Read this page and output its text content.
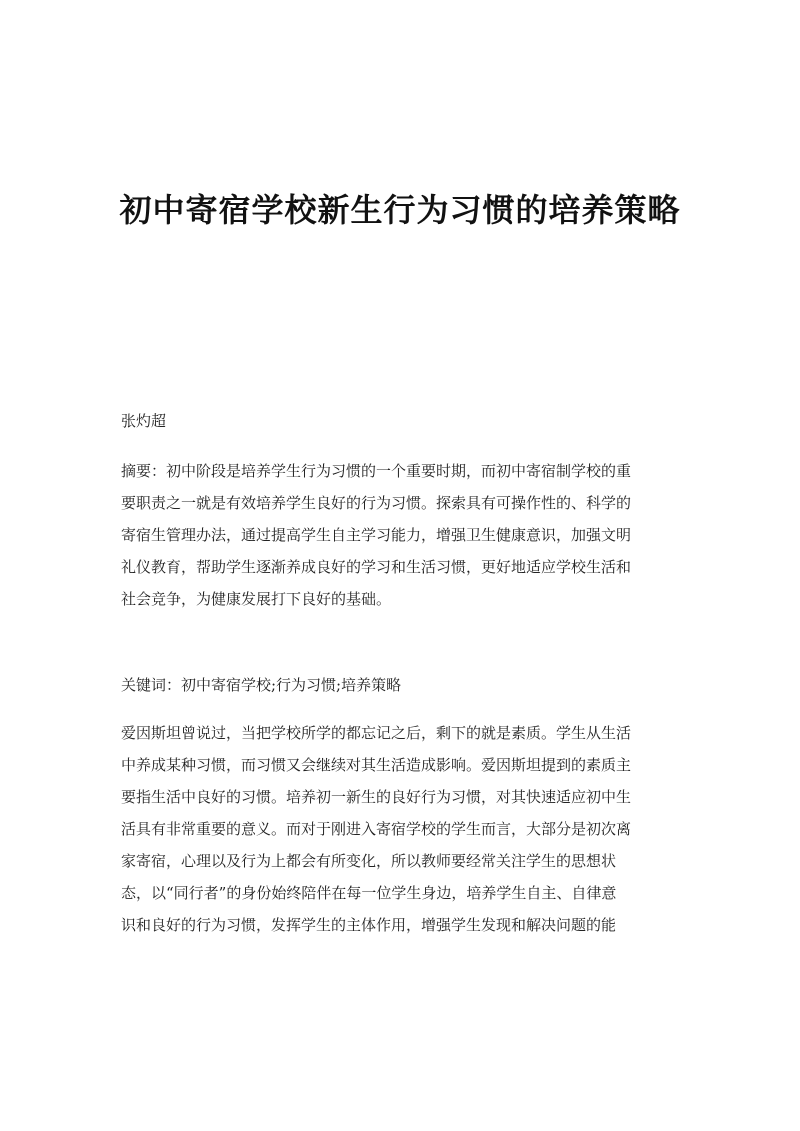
初中寄宿学校新生行为习惯的培养策略

张灼超

摘要：初中阶段是培养学生行为习惯的一个重要时期，而初中寄宿制学校的重
要职责之一就是有效培养学生良好的行为习惯。探索具有可操作性的、科学的
寄宿生管理办法，通过提高学生自主学习能力，增强卫生健康意识，加强文明
礼仪教育，帮助学生逐渐养成良好的学习和生活习惯，更好地适应学校生活和
社会竞争，为健康发展打下良好的基础。

关键词：初中寄宿学校;行为习惯;培养策略

爱因斯坦曾说过，当把学校所学的都忘记之后，剩下的就是素质。学生从生活
中养成某种习惯，而习惯又会继续对其生活造成影响。爱因斯坦提到的素质主
要指生活中良好的习惯。培养初一新生的良好行为习惯，对其快速适应初中生
活具有非常重要的意义。而对于刚进入寄宿学校的学生而言，大部分是初次离
家寄宿，心理以及行为上都会有所变化，所以教师要经常关注学生的思想状
态，以“同行者”的身份始终陪伴在每一位学生身边，培养学生自主、自律意
识和良好的行为习惯，发挥学生的主体作用，增强学生发现和解决问题的能
